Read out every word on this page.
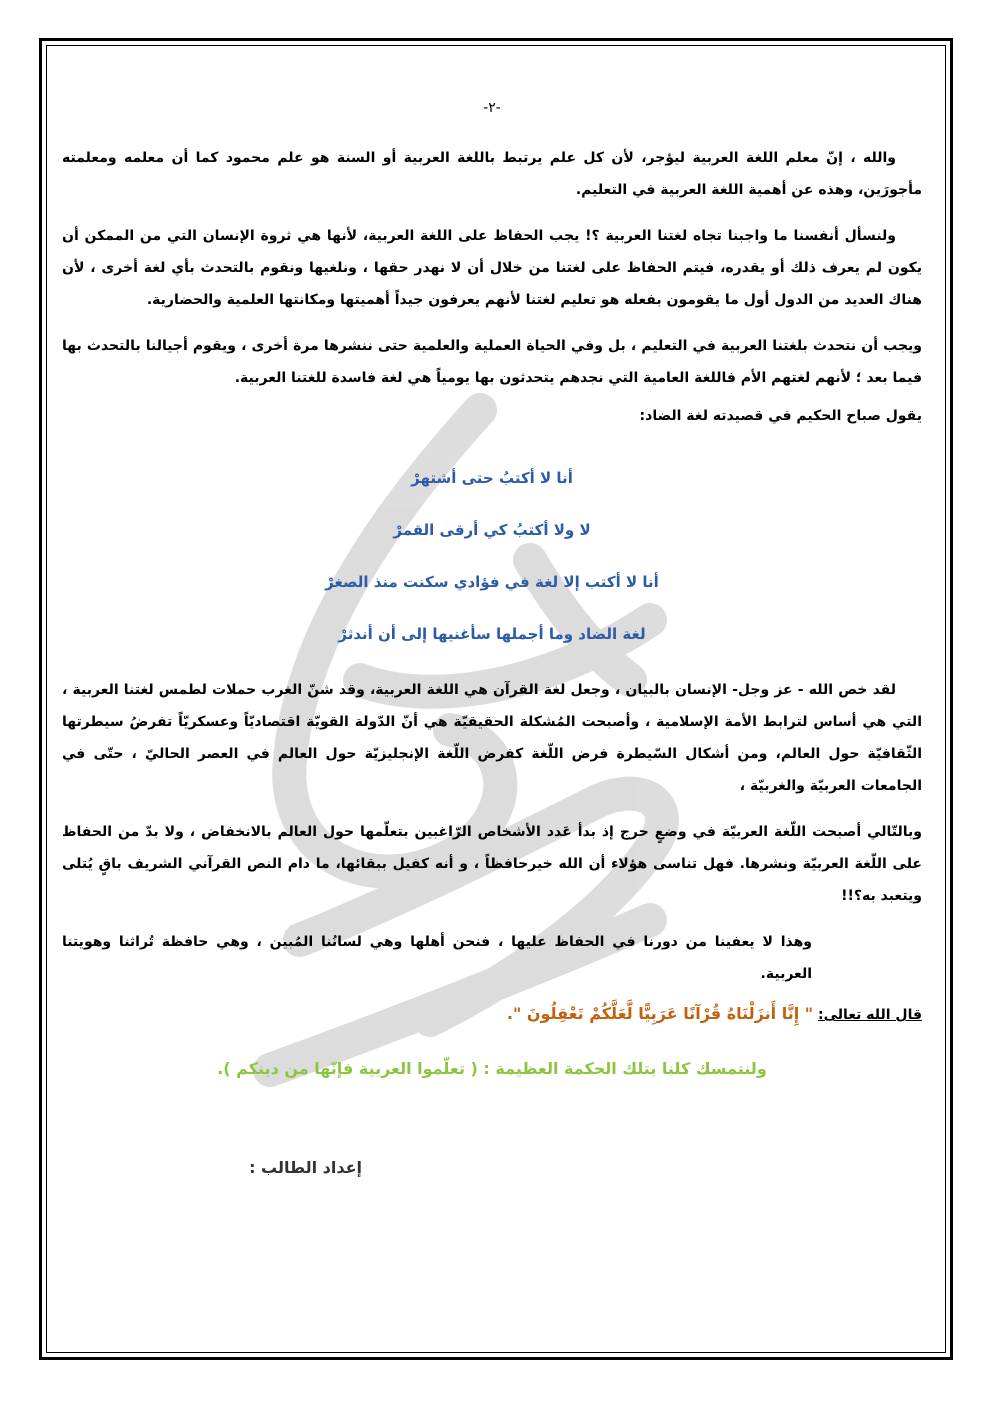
أم فارس

-٢-

والله ، إنّ معلم اللغة العربية ليؤجر، لأن كل علم يرتبط باللغة العربية أو السنة هو علم محمود كما أن معلمه ومعلمته مأجورَين، وهذه عن أهمية اللغة العربية في التعليم.

ولنسأل أنفسنا ما واجبنا تجاه لغتنا العربية ؟! يجب الحفاظ على اللغة العربية، لأنها هي ثروة الإنسان التي من الممكن أن يكون لم يعرف ذلك أو يقدره، فيتم الحفاظ على لغتنا من خلال أن لا نهدر حقها ، ونلغيها ونقوم بالتحدث بأي لغة أخرى ، لأن هناك العديد من الدول أول ما يقومون بفعله هو تعليم لغتنا لأنهم يعرفون جيداً أهميتها ومكانتها العلمية والحضارية.

ويجب أن نتحدث بلغتنا العربية في التعليم ، بل وفي الحياة العملية والعلمية حتى ننشرها مرة أخرى ، ويقوم أجيالنا بالتحدث بها فيما بعد ؛ لأنهم لغتهم الأم فاللغة العامية التي نجدهم يتحدثون بها يومياً هي لغة فاسدة للغتنا العربية.

يقول صباح الحكيم في قصيدته لغة الضاد:

أنا لا أكتبُ حتى أشتهرْ
لا ولا أكتبُ كي أرقى القمرْ
أنا لا أكتب إلا لغة في فؤادي سكنت منذ الصغرْ
لغة الضاد وما أجملها سأغنيها إلى أن أندثرْ

لقد خص الله - عز وجل- الإنسان بالبيان ، وجعل لغة القرآن هي اللغة العربية، وقد شنّ الغرب حملات لطمس لغتنا العربية ، التي هي أساس لترابط الأمة الإسلامية ، وأصبحت المُشكلة الحقيقيّة هي أنّ الدّولة القويّة اقتصاديّاً وعسكريّاً تفرضُ سيطرتها الثّقافيّة حول العالم، ومن أشكال السّيطرة فرض اللّغة كفرض اللّغة الإنجليزيّة حول العالم في العصر الحاليّ ، حتّى في الجامعات العربيّة والغربيّة ،

وبالتّالي أصبحت اللّغة العربيّة في وضعٍ حرج إذ بدأ عَدد الأشخاص الرّاغبين بتعلّمها حول العالم بالانخفاض ، ولا بدّ من الحفاظ على اللّغة العربيّة ونشرها. فهل تناسى هؤلاء أن الله خيرحافظاً ، و أنه كفيل ببقائها، ما دام النص القرآني الشريف باقٍ يُتلى ويتعبد به؟!!

وهذا لا يعفينا من دورنا في الحفاظ عليها ، فنحن أهلها وهي لسانُنا المُبين ، وهي حافظة تُراثنا وهويتنا العربية.

قال الله تعالى: " إِنَّا أَنزَلْنَاهُ قُرْآنًا عَرَبِيًّا لَّعَلَّكُمْ تَعْقِلُونَ ".

ولنتمسك كلنا بتلك الحكمة العظيمة : ( تعلّموا العربية فإنّها من دينكم ).

إعداد الطالب :
